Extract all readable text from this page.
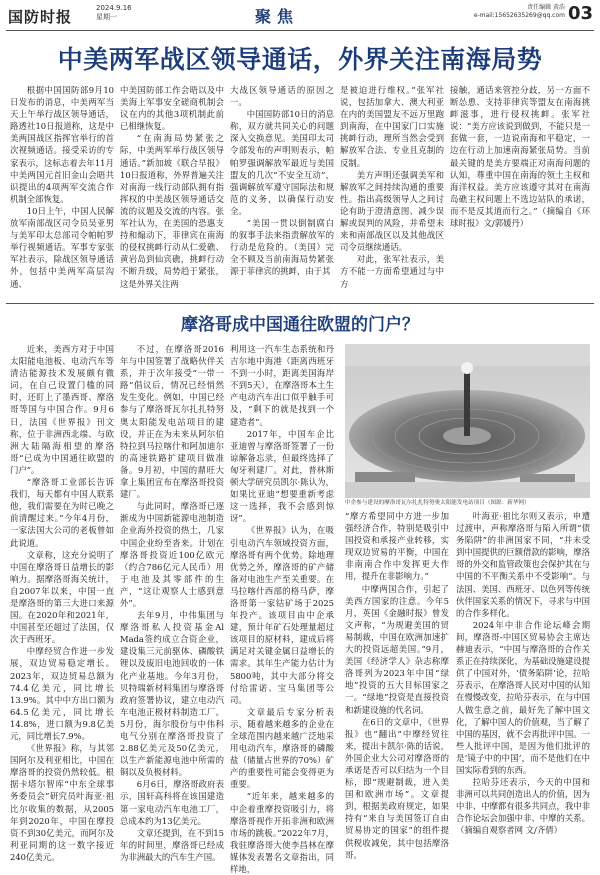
国防时报	2024.9.16
星期一	聚焦	责任编辑 黄浩
e-mail:15652635269@qq.com 03
中美两军战区领导通话，外界关注南海局势

根据中国国防部9月10日发布的消息，中美两军当天上午举行战区领导通话，路透社10日报道称，这是中美两国战区指挥官举行的首次视频通话。接受采访的专家表示，这标志着去年11月中美两国元首旧金山会晤共识提出的4项两军交流合作机制全部恢复。

10日上午，中国人民解放军南部战区司令员吴亚男与美军印太总部司令帕帕罗举行视频通话。军事专家张军社表示，除战区领导通话外，包括中美两军高层沟通、

中美国防部工作会晤以及中美海上军事安全磋商机制会议在内的其他3项机制此前已相继恢复。

“在南海局势紧张之际，中美两军举行战区领导通话。”新加坡《联合早报》10日报道称，外界普遍关注对南海一线行动部队拥有指挥权的中美战区领导通话交流的议题及交流的内容。张军社认为，在美国的恐惠支持和煽动下，菲律宾在南海的侵权挑衅行动从仁爱礁、黄岩岛到仙宾礁，挑衅行动不断升级，局势趋于紧张，这是外界关注两

大战区领导通话的原因之一。

中国国防部10日的消息称，双方就共同关心的问题深入交换意见。美国印太司令部发布的声明则表示，帕帕罗强调解放军最近与美国盟友的几次“不安全互动”，强调解放军遵守国际法和规范的义务，以确保行动安全。

“美国一贯以倒制腐白的叙事手法来指责解放军的行动是危险的。（美国）完全不顾及当前南海局势紧张源于菲律宾的挑衅，由于其

是被迫进行维权。”张军社说，包括加拿大、澳大利亚在内的美国盟友不远万里跑到南海，在中国家门口实施挑衅行动，理所当然会受到解放军合法、专业且克制的反制。

美方声明还强调美军和解放军之间持续沟通的重要性。指出高级领导人之间讨论有助于澄清意图、减少误解或误判的风险，并希望未来和南部战区以及其他战区司令员继续通话。

对此，张军社表示，美方不能一方面希望通过与中方

接触，通话来管控分歧，另一方面不断怂恿、支持菲律宾等盟友在南海挑衅滋事，进行侵权挑衅。张军社说：“美方应该说到做到，不能只是一套做一套，一边说南海和平稳定，一边在行动上加速南海紧张局势。当前最关键的是美方要端正对南海问题的认知，尊重中国在南海的领土主权和海洋权益。美方应该遵守其对在南海岛礁主权问题上不选边站队的承诺，而不是反其道而行之。”（摘编自《环球时报》文/郭媛丹）

摩洛哥成中国通往欧盟的门户？

近来，美西方对于中国太阳能电池板、电动汽车等清洁能源技术发展颇有微词，在自己设置门槛的同时，还盯上了墨西哥、摩洛哥等国与中国合作。9月6日，法国《世界报》刊文称，位于非洲西北端、与欧洲大陆隔海相望的摩洛哥“已成为中国通往欧盟的门户”。

“摩洛哥工业部长告诉我们，每天都有中国人联系他，我们需要在为时已晚之前清醒过来。”今年4月份，一家法国大公司的老板曾如此说道。

文章称，这充分说明了中国在摩洛哥日益增长的影响力。据摩洛哥海关统计，自2007年以来，中国一直是摩洛哥的第三大进口来源国。在2020年和2021年，中国甚至还超过了法国，仅次于西班牙。

中摩经贸合作进一步发展，双边贸易稳定增长。2023年，双边贸易总额为74.4亿美元，同比增长13.9%。其中中方出口额为64.5亿美元，同比增长14.8%，进口额为9.8亿美元，同比增长7.9%。

《世界报》称，与其邻国阿尔及利亚相比，中国在摩洛哥的投资仍然较低。根据卡塔尔智库“中东全球事务委员会”研究员叶海亚·祖比尔收集的数据，从2005年到2020年，中国在摩投资不到30亿美元，而阿尔及利亚同期的这一数字接近240亿美元。

不过，在摩洛哥2016年与中国签署了战略伙伴关系，并于次年接受“一带一路”倡议后，情况已经悄然发生变化。例如，中国已经参与了摩洛哥瓦尔扎扎特努奥太阳能发电站项目的建设，并正在为未来从阿尔伯特拉到马拉喀什和阿加迪尔的高速铁路扩建项目做准备。9月初，中国的鼎旺大拿上集团宣布在摩洛哥投资建厂。

与此同时，摩洛哥已逐渐成为中国新能源电池制造企业海外投资的热土，几家中国企业纷至沓来。计划在摩洛哥投资近100亿欧元（约合786亿元人民币）用于电池及其零部件的生产，“这让观察人士感到意外”。

去年9月，中伟集团与摩洛哥私人投资基金Al Mada签约成立合资企业，建设集三元前驱体、磷酸铁锂以及废旧电池回收的一体化产业基地。今年3月份，贝特瑞新材料集团与摩洛哥政府签署协议，建立电动汽车电池正极材料制造工厂。5月份，海尔股份与中伟科电气分别在摩洛哥投资了2.88亿美元及50亿美元，以生产新能源电池中所需的铜以及负极材料。

6月6日，摩洛哥政府表示，国轩高科将在该国建造第一家电动汽车电池工厂，总成本约为13亿美元。

文章还提到，在不到15年的时间里，摩洛哥已经成为非洲最大的汽车生产国。

利用这一汽车生态系统和丹吉尔地中海港（距离西班牙不到一小时，距离美国海岸不到5天），在摩洛哥本土生产电动汽车出口似乎触手可及，“剩下的就是找到一个建造者”。

2017年，中国车企比亚迪曾与摩洛哥签署了一份谅解备忘录，但最终选择了匈牙利建厂。对此，普林斯顿大学研究员凯尔·陈认为，如果比亚迪“想要重新考虑这一选择，我不会感到惊讶”。

《世界报》认为，在吸引电动汽车领域投资方面，摩洛哥有两个优势。除地理优势之外，摩洛哥的矿产储备对电池生产至关重要。在马拉喀什西部的格马萨，摩洛哥第一家钴矿场于2025年投产。该项目由中企承建，预计年矿石处理量超过该项目的原材料，建成后将满足对关键金属日益增长的需求。其年生产能力估计为5800吨，其中大部分将交付给雷诺、宝马集团等公司。

文章最后专家分析表示，随着越来越多的企业在全球范围内越来越广泛地采用电动汽车，摩洛哥的磷酸盐（储量占世界的70%）矿产的重要性可能会变得更为重要。

“近年来，越来越多的中企着重摩投资吸引力，将摩洛哥视作开拓非洲和欧洲市场的跳板。”2022年7月，我驻摩洛哥大使李昌林在摩媒体发表署名文章指出，同样地，

中企参与建设的摩洛哥瓦尔扎扎特努奥太阳能发电站项目（图源：新华网）

“摩方希望同中方进一步加强经济合作，特别是吸引中国投资和承接产业转移，实现双边贸易的平衡，中国在非南南合作中发挥更大作用，提升在非影响力。”

中摩两国合作，引起了美西方国家的注意。今年5月，英国《金融时报》曾发文声称，“为规避美国的贸易制裁，中国在欧洲加速扩大的投资远超美国。”9月，美国《经济学人》杂志称摩洛哥列为2023年中国“绿地”投资的五大目标国家之一。“绿地”投资是直接投资和新建设施的代名词。

在6日的文章中，《世界报》也“翻出”中摩经贸往来，提出卡凯尔·陈的话说，外国企业大公司对摩洛哥的承诺是否可以归结为一个目标，即“规避制裁，进入美国和欧洲市场”。文章提到，根据美政府规定，如果持有“来自与美国签订自由贸易协定的国家”的组件提供税收减免，其中包括摩洛哥。

叶海亚·祖比尔则又表示，申遭过渡申，声称摩洛哥与陷入所谓“债务陷阱”的非洲国家不同，“并未受到中国提供的巨额借款的影响，摩洛哥的外交和监管政策也会保护其在与中国的不平衡关系中不受影响”。与法国、美国、西班牙、以色列等传统伙伴国家关系的情况下，寻求与中国的合作多样化。

2024年中非合作论坛峰会期间，摩洛哥-中国区贸易协会主席达赫迪表示，“中国与摩洛哥的合作关系正在持续深化，为基础设施建设提供了中国对外，‘债务陷阱’论，拉哈芬表示，在摩洛哥人民对中国的认知在慢慢改变，拉哈芬表示，在与中国人做生意之前，最好先了解中国文化，了解中国人的价值观，当了解了中国的基因，就不会再批评中国。一些人批评中国，是因为他们批评的是‘镜子中的中国’，而不是他们在中国实际看到的东西。

拉哈芬还表示，今天的中国和非洲可以共同创造出人的价值，因为中非、中摩都有很多共同点，我中非合作论坛会加强中非、中摩的关系。（摘编自观察者网 文/齐倩）
